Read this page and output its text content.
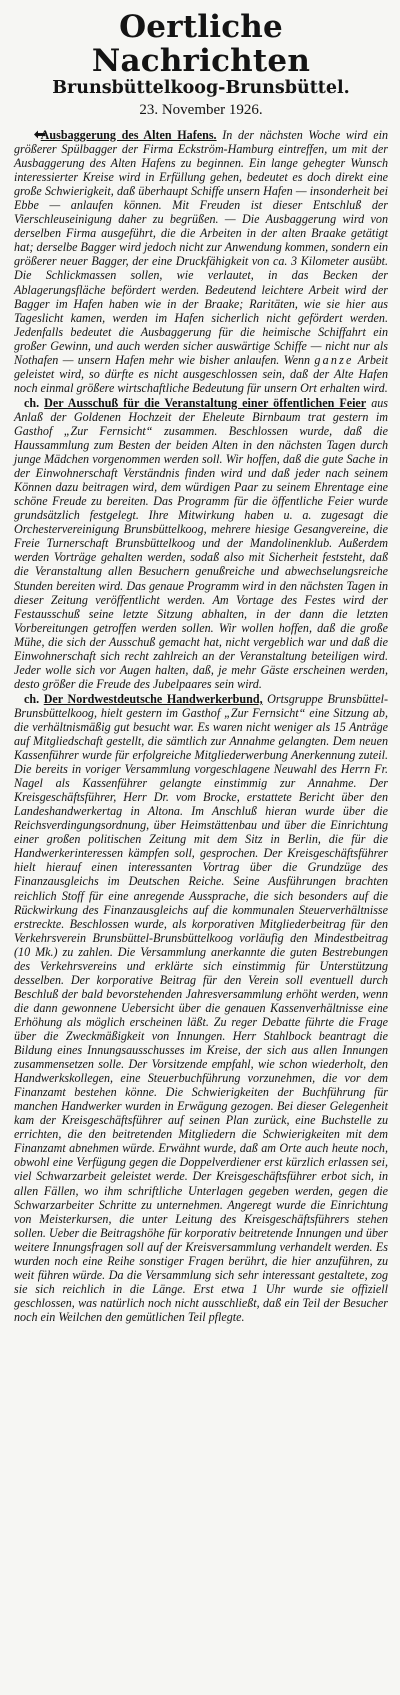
Oertliche Nachrichten
Brunsbüttelkoog-Brunsbüttel.
23. November 1926.

Ausbaggerung des Alten Hafens. In der nächsten Woche wird ein größerer Spülbagger der Firma Eckström-Hamburg eintreffen, um mit der Ausbaggerung des Alten Hafens zu beginnen. Ein lange gehegter Wunsch interessierter Kreise wird in Erfüllung gehen, bedeutet es doch direkt eine große Schwierigkeit, daß überhaupt Schiffe unsern Hafen — insonderheit bei Ebbe — anlaufen können. Mit Freuden ist dieser Entschluß der Vierschleuseinigung daher zu begrüßen. — Die Ausbaggerung wird von derselben Firma ausgeführt, die die Arbeiten in der alten Braake getätigt hat; derselbe Bagger wird jedoch nicht zur Anwendung kommen, sondern ein größerer neuer Bagger, der eine Druckfähigkeit von ca. 3 Kilometer ausübt. Die Schlickmassen sollen, wie verlautet, in das Becken der Ablagerungsfläche befördert werden. Bedeutend leichtere Arbeit wird der Bagger im Hafen haben wie in der Braake; Raritäten, wie sie hier aus Tageslicht kamen, werden im Hafen sicherlich nicht gefördert werden. Jedenfalls bedeutet die Ausbaggerung für die heimische Schiffahrt ein großer Gewinn, und auch werden sicher auswärtige Schiffe — nicht nur als Nothafen — unsern Hafen mehr wie bisher anlaufen. Wenn ganze Arbeit geleistet wird, so dürfte es nicht ausgeschlossen sein, daß der Alte Hafen noch einmal größere wirtschaftliche Bedeutung für unsern Ort erhalten wird.

ch. Der Ausschuß für die Veranstaltung einer öffentlichen Feier aus Anlaß der Goldenen Hochzeit der Eheleute Birnbaum trat gestern im Gasthof „Zur Fernsicht“ zusammen. Beschlossen wurde, daß die Haussammlung zum Besten der beiden Alten in den nächsten Tagen durch junge Mädchen vorgenommen werden soll. Wir hoffen, daß die gute Sache in der Einwohnerschaft Verständnis finden wird und daß jeder nach seinem Können dazu beitragen wird, dem würdigen Paar zu seinem Ehrentage eine schöne Freude zu bereiten. Das Programm für die öffentliche Feier wurde grundsätzlich festgelegt. Ihre Mitwirkung haben u. a. zugesagt die Orchestervereinigung Brunsbüttelkoog, mehrere hiesige Gesangvereine, die Freie Turnerschaft Brunsbüttelkoog und der Mandolinenklub. Außerdem werden Vorträge gehalten werden, sodaß also mit Sicherheit feststeht, daß die Veranstaltung allen Besuchern genußreiche und abwechselungsreiche Stunden bereiten wird. Das genaue Programm wird in den nächsten Tagen in dieser Zeitung veröffentlicht werden. Am Vortage des Festes wird der Festausschuß seine letzte Sitzung abhalten, in der dann die letzten Vorbereitungen getroffen werden sollen. Wir wollen hoffen, daß die große Mühe, die sich der Ausschuß gemacht hat, nicht vergeblich war und daß die Einwohnerschaft sich recht zahlreich an der Veranstaltung beteiligen wird. Jeder wolle sich vor Augen halten, daß, je mehr Gäste erscheinen werden, desto größer die Freude des Jubelpaares sein wird.

ch. Der Nordwestdeutsche Handwerkerbund, Ortsgruppe Brunsbüttel-Brunsbüttelkoog, hielt gestern im Gasthof „Zur Fernsicht“ eine Sitzung ab, die verhältnismäßig gut besucht war. Es waren nicht weniger als 15 Anträge auf Mitgliedschaft gestellt, die sämtlich zur Annahme gelangten. Dem neuen Kassenführer wurde für erfolgreiche Mitgliederwerbung Anerkennung zuteil. Die bereits in voriger Versammlung vorgeschlagene Neuwahl des Herrn Fr. Nagel als Kassenführer gelangte einstimmig zur Annahme. Der Kreisgeschäftsführer, Herr Dr. vom Brocke, erstattete Bericht über den Landeshandwerkertag in Altona. Im Anschluß hieran wurde über die Reichsverdingungsordnung, über Heimstättenbau und über die Einrichtung einer großen politischen Zeitung mit dem Sitz in Berlin, die für die Handwerkerinteressen kämpfen soll, gesprochen. Der Kreisgeschäftsführer hielt hierauf einen interessanten Vortrag über die Grundzüge des Finanzausgleichs im Deutschen Reiche. Seine Ausführungen brachten reichlich Stoff für eine anregende Aussprache, die sich besonders auf die Rückwirkung des Finanzausgleichs auf die kommunalen Steuerverhältnisse erstreckte. Beschlossen wurde, als korporativen Mitgliederbeitrag für den Verkehrsverein Brunsbüttel-Brunsbüttelkoog vorläufig den Mindestbeitrag (10 Mk.) zu zahlen. Die Versammlung anerkannte die guten Bestrebungen des Verkehrsvereins und erklärte sich einstimmig für Unterstützung desselben. Der korporative Beitrag für den Verein soll eventuell durch Beschluß der bald bevorstehenden Jahresversammlung erhöht werden, wenn die dann gewonnene Uebersicht über die genauen Kassenverhältnisse eine Erhöhung als möglich erscheinen läßt. Zu reger Debatte führte die Frage über die Zweckmäßigkeit von Innungen. Herr Stahlbock beantragt die Bildung eines Innungsausschusses im Kreise, der sich aus allen Innungen zusammensetzen solle. Der Vorsitzende empfahl, wie schon wiederholt, den Handwerkskollegen, eine Steuerbuchführung vorzunehmen, die vor dem Finanzamt bestehen könne. Die Schwierigkeiten der Buchführung für manchen Handwerker wurden in Erwägung gezogen. Bei dieser Gelegenheit kam der Kreisgeschäftsführer auf seinen Plan zurück, eine Buchstelle zu errichten, die den beitretenden Mitgliedern die Schwierigkeiten mit dem Finanzamt abnehmen würde. Erwähnt wurde, daß am Orte auch heute noch, obwohl eine Verfügung gegen die Doppelverdiener erst kürzlich erlassen sei, viel Schwarzarbeit geleistet werde. Der Kreisgeschäftsführer erbot sich, in allen Fällen, wo ihm schriftliche Unterlagen gegeben werden, gegen die Schwarzarbeiter Schritte zu unternehmen. Angeregt wurde die Einrichtung von Meisterkursen, die unter Leitung des Kreisgeschäftsführers stehen sollen. Ueber die Beitragshöhe für korporativ beitretende Innungen und über weitere Innungsfragen soll auf der Kreisversammlung verhandelt werden. Es wurden noch eine Reihe sonstiger Fragen berührt, die hier anzuführen, zu weit führen würde. Da die Versammlung sich sehr interessant gestaltete, zog sie sich reichlich in die Länge. Erst etwa 1 Uhr wurde sie offiziell geschlossen, was natürlich noch nicht ausschließt, daß ein Teil der Besucher noch ein Weilchen den gemütlichen Teil pflegte.
